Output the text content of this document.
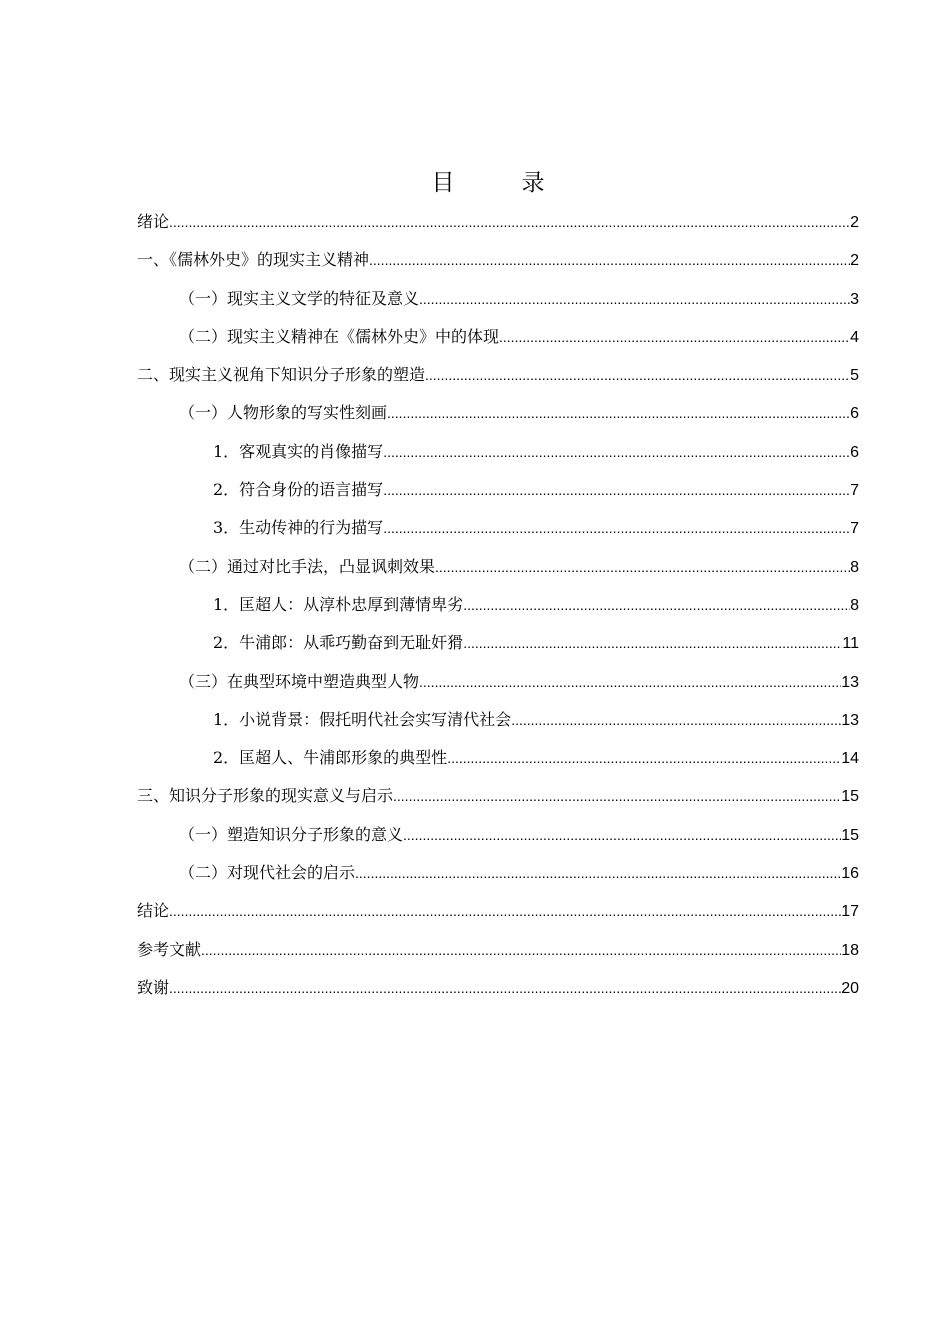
目　录
绪论 .....	2
一、《儒林外史》的现实主义精神 .....	2
（一）现实主义文学的特征及意义 .....	3
（二）现实主义精神在《儒林外史》中的体现 .....	4
二、现实主义视角下知识分子形象的塑造 .....	5
（一）人物形象的写实性刻画 .....	6
1．客观真实的肖像描写 .....	6
2．符合身份的语言描写 .....	7
3．生动传神的行为描写 .....	7
（二）通过对比手法，凸显讽刺效果 .....	8
1．匡超人：从淳朴忠厚到薄情卑劣 .....	8
2．牛浦郎：从乖巧勤奋到无耻奸猾 .....	11
（三）在典型环境中塑造典型人物 .....	13
1．小说背景：假托明代社会实写清代社会 .....	13
2．匡超人、牛浦郎形象的典型性 .....	14
三、知识分子形象的现实意义与启示 .....	15
（一）塑造知识分子形象的意义 .....	15
（二）对现代社会的启示 .....	16
结论 .....	17
参考文献 .....	18
致谢 .....	20
